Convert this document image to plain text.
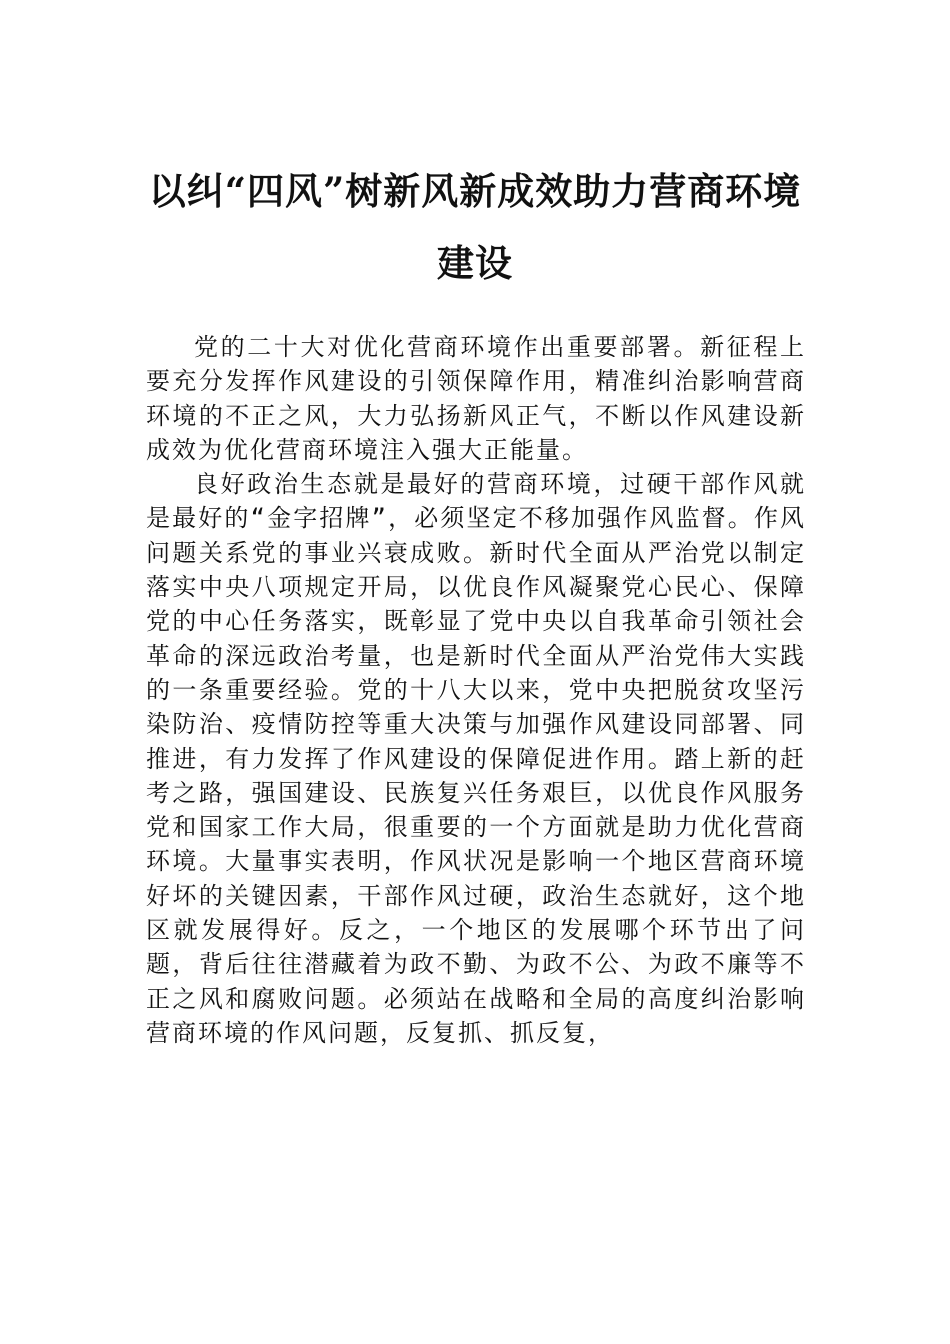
以纠“四风”树新风新成效助力营商环境

建设

党的二十大对优化营商环境作出重要部署。新征程上要充分发挥作风建设的引领保障作用，精准纠治影响营商环境的不正之风，大力弘扬新风正气，不断以作风建设新成效为优化营商环境注入强大正能量。

良好政治生态就是最好的营商环境，过硬干部作风就是最好的“金字招牌”，必须坚定不移加强作风监督。作风问题关系党的事业兴衰成败。新时代全面从严治党以制定落实中央八项规定开局，以优良作风凝聚党心民心、保障党的中心任务落实，既彰显了党中央以自我革命引领社会革命的深远政治考量，也是新时代全面从严治党伟大实践的一条重要经验。党的十八大以来，党中央把脱贫攻坚污染防治、疫情防控等重大决策与加强作风建设同部署、同推进，有力发挥了作风建设的保障促进作用。踏上新的赶考之路，强国建设、民族复兴任务艰巨，以优良作风服务党和国家工作大局，很重要的一个方面就是助力优化营商环境。大量事实表明，作风状况是影响一个地区营商环境好坏的关键因素，干部作风过硬，政治生态就好，这个地区就发展得好。反之，一个地区的发展哪个环节出了问题，背后往往潜藏着为政不勤、为政不公、为政不廉等不正之风和腐败问题。必须站在战略和全局的高度纠治影响营商环境的作风问题，反复抓、抓反复，
